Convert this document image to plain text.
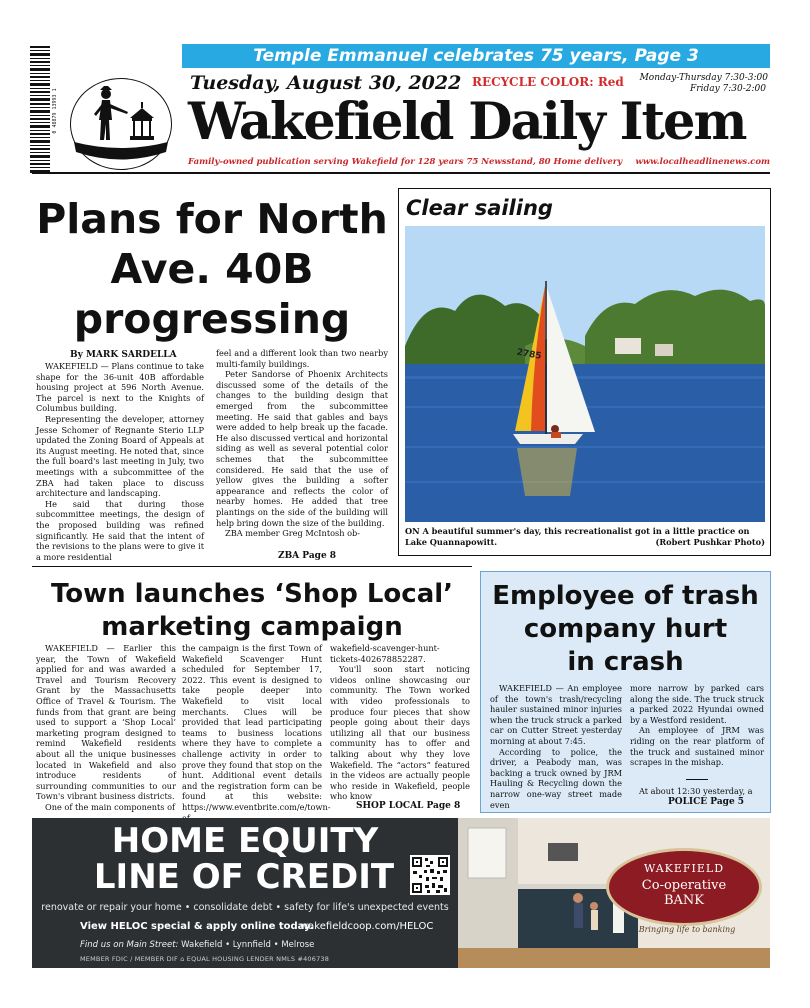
0 48879 13993 1
Temple Emmanuel celebrates 75 years, Page 3
Tuesday, August 30, 2022 RECYCLE COLOR: Red Monday-Thursday 7:30-3:00
Friday 7:30-2:00
Wakefield Daily Item
Family-owned publication serving Wakefield for 128 years 75 Newsstand, 80 Home delivery www.localheadlinenews.com
Plans for North Ave. 40B progressing
By MARK SARDELLA

WAKEFIELD — Plans continue to take shape for the 36-unit 40B affordable housing project at 596 North Avenue. The parcel is next to the Knights of Columbus building.

Representing the developer, attorney Jesse Schomer of Regnante Sterio LLP updated the Zoning Board of Appeals at its August meeting. He noted that, since the full board's last meeting in July, two meetings with a subcommittee of the ZBA had taken place to discuss architecture and landscaping.

He said that during those subcommittee meetings, the design of the proposed building was refined significantly. He said that the intent of the revisions to the plans were to give it a more residential

feel and a different look than two nearby multi-family buildings.

Peter Sandorse of Phoenix Architects discussed some of the details of the changes to the building design that emerged from the subcommittee meeting. He said that gables and bays were added to help break up the facade. He also discussed vertical and horizontal siding as well as several potential color schemes that the subcommittee considered. He said that the use of yellow gives the building a softer appearance and reflects the color of nearby homes. He added that tree plantings on the side of the building will help bring down the size of the building.

ZBA member Greg McIntosh ob-

ZBA Page 8
Clear sailing
2785
ON A beautiful summer's day, this recreationalist got in a little practice on Lake Quannapowitt.	(Robert Pushkar Photo)
Town launches ‘Shop Local’
marketing campaign

WAKEFIELD — Earlier this year, the Town of Wakefield applied for and was awarded a Travel and Tourism Recovery Grant by the Massachusetts Office of Travel & Tourism. The funds from that grant are being used to support a ‘Shop Local’ marketing program designed to remind Wakefield residents about all the unique businesses located in Wakefield and also introduce residents of surrounding communities to our Town's vibrant business districts.

One of the main components of

the campaign is the first Town of Wakefield Scavenger Hunt scheduled for September 17, 2022. This event is designed to take people deeper into Wakefield to visit local merchants. Clues will be provided that lead participating teams to business locations where they have to complete a challenge activity in order to prove they found that stop on the hunt. Additional event details and the registration form can be found at this website: https://www.eventbrite.com/e/town-

wakefield-scavenger-hunt-tickets-402678852287.

You'll soon start noticing videos online showcasing our community. The Town worked with video professionals to produce four pieces that show people going about their days utilizing all that our business community has to offer and talking about why they love Wakefield. The “actors” featured in the videos are actually people who reside in Wakefield, people who know

SHOP LOCAL Page 8
Employee of trash
company hurt
in crash

WAKEFIELD — An employee of the town's trash/recycling hauler sustained minor injuries when the truck struck a parked car on Cutter Street yesterday morning at about 7:45.

According to police, the driver, a Peabody man, was backing a truck owned by JRM Hauling & Recycling down the narrow one-way street made even

more narrow by parked cars along the side. The truck struck a parked 2022 Hyundai owned by a Westford resident.

An employee of JRM was riding on the rear platform of the truck and sustained minor scrapes in the mishap.

At about 12:30 yesterday, a

POLICE Page 5
HOME EQUITY
LINE OF CREDIT
renovate or repair your home • consolidate debt • safety for life's unexpected events
View HELOC special & apply online today.
wakefieldcoop.com/HELOC
Find us on Main Street: Wakefield • Lynnfield • Melrose
MEMBER FDIC / MEMBER DIF ⌂ EQUAL HOUSING LENDER NMLS #406738
WAKEFIELD
Co-operative
BANK
Bringing life to banking
